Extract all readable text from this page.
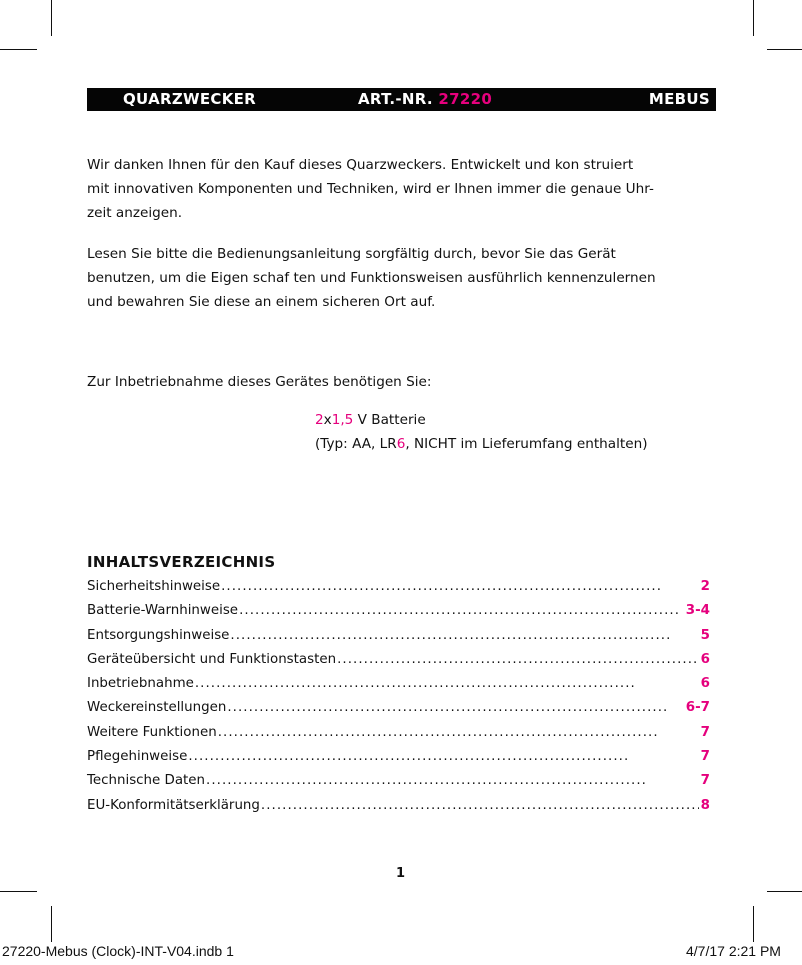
QUARZWECKER	ART.-NR. 27220	MEBUS

Wir danken Ihnen für den Kauf dieses Quarzweckers. Entwickelt und kon struiert
mit innovativen Komponenten und Techniken, wird er Ihnen immer die genaue Uhr-
zeit anzeigen.

Lesen Sie bitte die Bedienungsanleitung sorgfältig durch, bevor Sie das Gerät
benutzen, um die Eigen schaf ten und Funktionsweisen ausführlich kennenzulernen
und bewahren Sie diese an einem sicheren Ort auf.

Zur Inbetriebnahme dieses Gerätes benötigen Sie:

2x1,5 V Batterie
(Typ: AA, LR6, NICHT im Lieferumfang enthalten)
INHALTSVERZEICHNIS
Sicherheitshinweise . . .	2
Batterie-Warnhinweise . . .	3-4
Entsorgungshinweise . . .	5
Geräteübersicht und Funktionstasten . . .	6
Inbetriebnahme . . .	6
Weckereinstellungen . . .	6-7
Weitere Funktionen . . .	7
Pflegehinweise . . .	7
Technische Daten . . .	7
EU-Konformitätserklärung . . .	8
1
27220-Mebus (Clock)-INT-V04.indb 1	4/7/17 2:21 PM
